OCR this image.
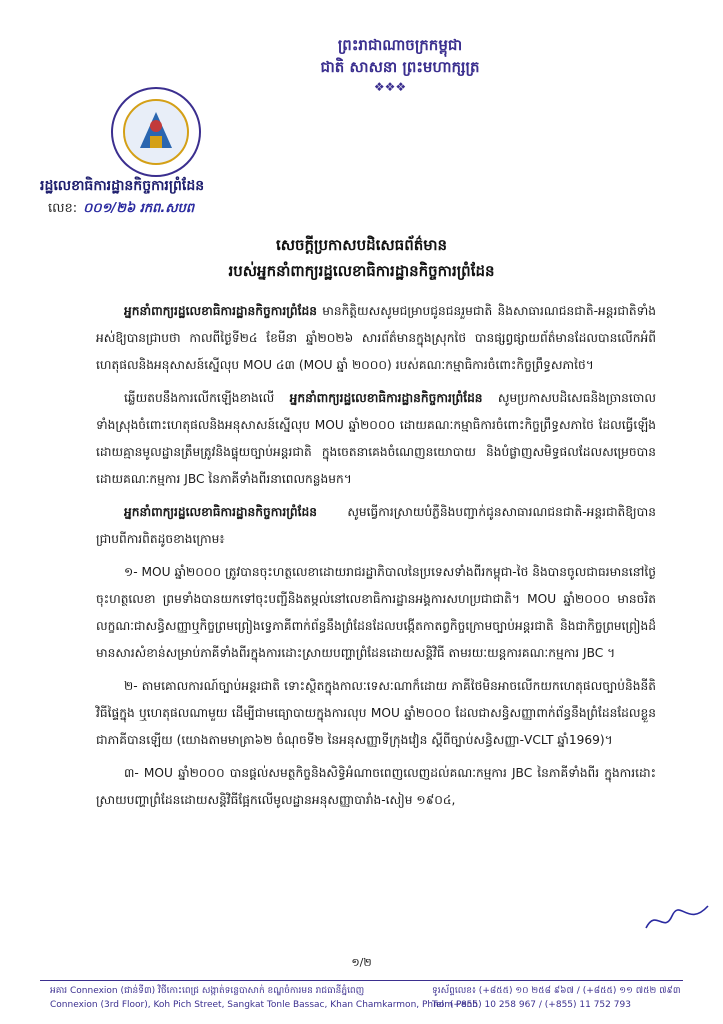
ព្រះរាជាណាចក្រកម្ពុជា
ជាតិ សាសនា ព្រះមហាក្សត្រ
❖❖❖
រដ្ឋលេខាធិការដ្ឋានកិច្ចការព្រំដែន
លេខ: ០០១/២៦ រកព.សបព
សេចក្តីប្រកាសបដិសេធព័ត៌មាន
របស់អ្នកនាំពាក្យរដ្ឋលេខាធិការដ្ឋានកិច្ចការព្រំដែន

អ្នកនាំពាក្យរដ្ឋលេខាធិការដ្ឋានកិច្ចការព្រំដែន មានកិត្តិយសសូមជម្រាបជូនជនរួមជាតិ និងសាធារណជនជាតិ-អន្តរជាតិទាំងអស់ឱ្យបានជ្រាបថា កាលពីថ្ងៃទី២៤ ខែមីនា ឆ្នាំ២០២៦ សារព័ត៌មានក្នុងស្រុកថៃ បានផ្សព្វផ្សាយព័ត៌មានដែលបានលើកអំពីហេតុផលនិងអនុសាសន៍ស្នើលុប MOU ៤៣ (MOU ឆ្នាំ ២០០០) របស់គណៈកម្មាធិការចំពោះកិច្ចព្រឹទ្ធសភាថៃ។

ឆ្លើយតបនឹងការលើកឡើងខាងលើ អ្នកនាំពាក្យរដ្ឋលេខាធិការដ្ឋានកិច្ចការព្រំដែន សូមប្រកាសបដិសេធនិងច្រានចោលទាំងស្រុងចំពោះហេតុផលនិងអនុសាសន៍ស្នើលុប MOU ឆ្នាំ២០០០ ដោយគណៈកម្មាធិការចំពោះកិច្ចព្រឹទ្ធសភាថៃ ដែលធ្វើឡើងដោយគ្មានមូលដ្ឋានត្រឹមត្រូវនិងផ្ទុយច្បាប់អន្តរជាតិ ក្នុងចេតនាគេងចំណេញនយោបាយ និងបំផ្លាញសមិទ្ធផលដែលសម្រេចបានដោយគណៈកម្មការ JBC នៃភាគីទាំងពីរនាពេលកន្លងមក។

អ្នកនាំពាក្យរដ្ឋលេខាធិការដ្ឋានកិច្ចការព្រំដែន សូមធ្វើការស្រាយបំភ្លឺនិងបញ្ជាក់ជូនសាធារណជនជាតិ-អន្តរជាតិឱ្យបានជ្រាបពីការពិតដូចខាងក្រោម៖

១- MOU ឆ្នាំ២០០០ ត្រូវបានចុះហត្ថលេខាដោយរាជរដ្ឋាភិបាលនៃប្រទេសទាំងពីរកម្ពុជា-ថៃ និងបានចូលជាធរមាននៅថ្ងៃចុះហត្ថលេខា ព្រមទាំងបានយកទៅចុះបញ្ជីនិងតម្កល់នៅលេខាធិការដ្ឋានអង្គការសហប្រជាជាតិ។ MOU ឆ្នាំ២០០០ មានចរិតលក្ខណៈជាសន្ធិសញ្ញាឬកិច្ចព្រមព្រៀងទ្វេភាគីពាក់ព័ន្ធនឹងព្រំដែនដែលបង្កើតកាតព្វកិច្ចក្រោមច្បាប់អន្តរជាតិ និងជាកិច្ចព្រមព្រៀងដ៏មានសារសំខាន់សម្រាប់ភាគីទាំងពីរក្នុងការដោះស្រាយបញ្ហាព្រំដែនដោយសន្តិវិធី តាមរយៈយន្តការគណៈកម្មការ JBC ។

២- តាមគោលការណ៍ច្បាប់អន្តរជាតិ ទោះស្ថិតក្នុងកាលៈទេសៈណាក៏ដោយ ភាគីថៃមិនអាចលើកយកហេតុផលច្បាប់និងនីតិវិធីផ្ទៃក្នុង ឬហេតុផលណាមួយ ដើម្បីជាមធ្យោបាយក្នុងការលុប MOU ឆ្នាំ២០០០ ដែលជាសន្ធិសញ្ញាពាក់ព័ន្ធនឹងព្រំដែនដែលខ្លួនជាភាគីបានឡើយ (យោងតាមមាត្រា៦២ ចំណុចទី២ នៃអនុសញ្ញាទីក្រុងវៀន ស្តីពីច្បាប់សន្ធិសញ្ញា-VCLT ឆ្នាំ1969)។

៣- MOU ឆ្នាំ២០០០ បានផ្តល់សមត្ថកិច្ចនិងសិទ្ធិអំណាចពេញលេញដល់គណៈកម្មការ JBC នៃភាគីទាំងពីរ ក្នុងការដោះស្រាយបញ្ហាព្រំដែនដោយសន្តិវិធីផ្អែកលើមូលដ្ឋានអនុសញ្ញាបារាំង-សៀម ១៩០៤,

១/២
អគារ Connexion (ជាន់ទី៣) វិថីកោះពេជ្រ សង្កាត់ទន្លេបាសាក់ ខណ្ឌចំការមន រាជធានីភ្នំពេញ
Connexion (3rd Floor), Koh Pich Street, Sangkat Tonle Bassac, Khan Chamkarmon, Phnom Penh
ទូរស័ព្ទលេខ៖ (+៨៥៥) ១០ ២៥៨ ៩៦៧ / (+៨៥៥) ១១ ៧៥២ ៧៩៣
Tel: (+855) 10 258 967 / (+855) 11 752 793
